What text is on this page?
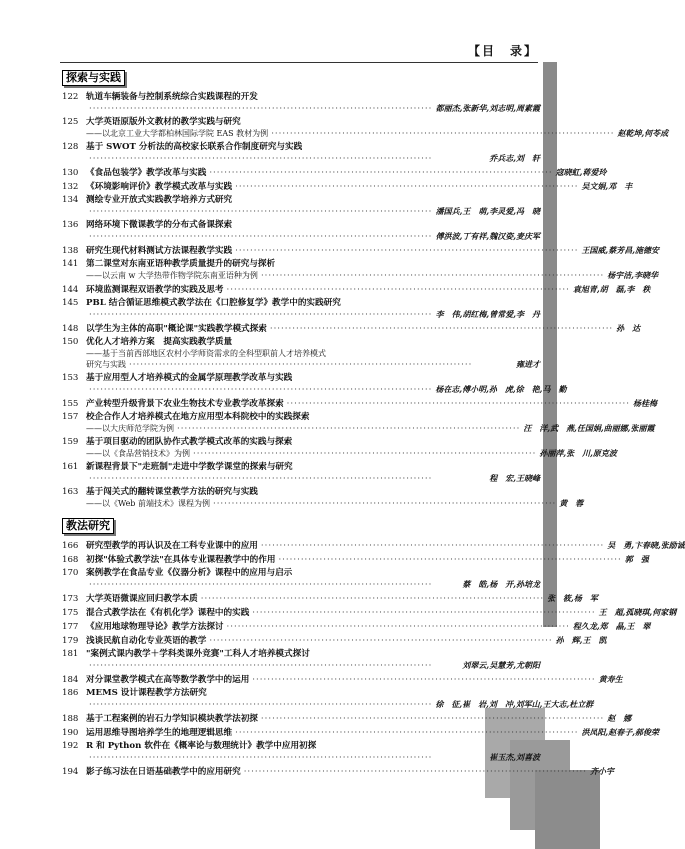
【目　录】
探索与实践
122 轨道车辆装备与控制系统综合实践课程的开发
···························································································· 都丽杰,张新华,刘志明,周素霞
125 大学英语原版外文教材的教学实践与研究
——以北京工业大学都柏林国际学院 EAS 教材为例 ···························································································· 赵乾坤,何苓成
128 基于 SWOT 分析法的高校家长联系合作制度研究与实践
····························································································	乔兵志,刘　轩
130 《食品包装学》教学改革与实践 ···························································································· 寇晓虹,蒋爱玲
132 《环境影响评价》教学模式改革与实践 ···························································································· 吴文娟,邓　丰
134 测绘专业开放式实践教学培养方式研究
···························································································· 潘国兵,王　萌,李灵爱,冯　晓
136 网络环境下微课教学的分布式备课探索
···························································································· 傅洪波,丁有祥,魏汉姿,麦庆军
138 研究生现代材料测试方法课程教学实践 ···························································································· 王国威,蔡芳昌,施德安
141 第二课堂对东南亚语种教学质量提升的研究与探析
——以云南 w 大学热带作物学院东南亚语种为例 ···························································································· 杨宇洁,李晓华
144 环境监测课程双语教学的实践及思考 ···························································································· 袁旭青,胡　磊,李　秩
145 PBL 结合循证思维模式教学法在《口腔修复学》教学中的实践研究
···························································································· 李　伟,胡红梅,曾常爱,李　丹
148 以学生为主体的高职"概论课"实践教学模式探索 ···························································································· 孙　达
150 优化人才培养方案　提高实践教学质量
——基于当前西部地区农村小学师资需求的全科型职前人才培养模式
研究与实践 ····························································································	雍进才
153 基于应用型人才培养模式的金属学原理教学改革与实践
···························································································· 杨在志,傅小明,孙　虎,徐　艳,马　勤
155 产业转型升级背景下农业生物技术专业教学改革探索 ···························································································· 杨桂梅
157 校企合作人才培养模式在地方应用型本科院校中的实践探索
——以大庆师范学院为例 ···························································································· 汪　洋,武　燕,任国娟,曲丽娜,张丽霞
159 基于项目驱动的团队协作式教学模式改革的实践与探索
——以《食品营销技术》为例 ···························································································· 孙丽萍,张　川,原克波
161 新课程背景下"走班制"走进中学数学课堂的探索与研究
····························································································	程　宏,王晓峰
163 基于闯关式的翻转课堂教学方法的研究与实践
——以《Web 前端技术》课程为例 ···························································································· 黄　蓉
教法研究
166 研究型教学的再认识及在工科专业课中的应用 ···························································································· 吴　勇,卞春晓,张励诚
168 初探"体验式教学法"在具体专业课程教学中的作用 ···························································································· 郭　强
170 案例教学在食品专业《仪器分析》课程中的应用与启示
····························································································	蔡　皓,杨　开,孙培龙
173 大学英语微课应回归教学本质 ···························································································· 张　筱,杨　军
175 混合式教学法在《有机化学》课程中的实践 ···························································································· 王　超,孤晓琪,何家钢
177 《应用地球物理导论》教学方法探讨 ···························································································· 程久龙,郑　晶,王　翠
179 浅谈民航自动化专业英语的教学 ···························································································· 孙　辉,王　凯
181 "案例式课内教学＋学科类课外竞赛"工科人才培养模式探讨
····························································································	刘翠云,吴慧芳,尤朝阳
184 对分课堂教学模式在高等数学教学中的运用 ···························································································· 黄寿生
186 MEMS 设计课程教学方法研究
···························································································· 徐　征,崔　岩,刘　冲,刘军山,王大志,杜立群
188 基于工程案例的岩石力学知识模块教学法初探 ···························································································· 赵　娜
190 运用思维导图培养学生的地理逻辑思维 ···························································································· 洪凤阳,赵春子,郝俊荣
192 R 和 Python 软件在《概率论与数理统计》教学中应用初探
····························································································	崔玉杰,刘喜波
194 影子练习法在日语基础教学中的应用研究 ···························································································· 齐小宇
